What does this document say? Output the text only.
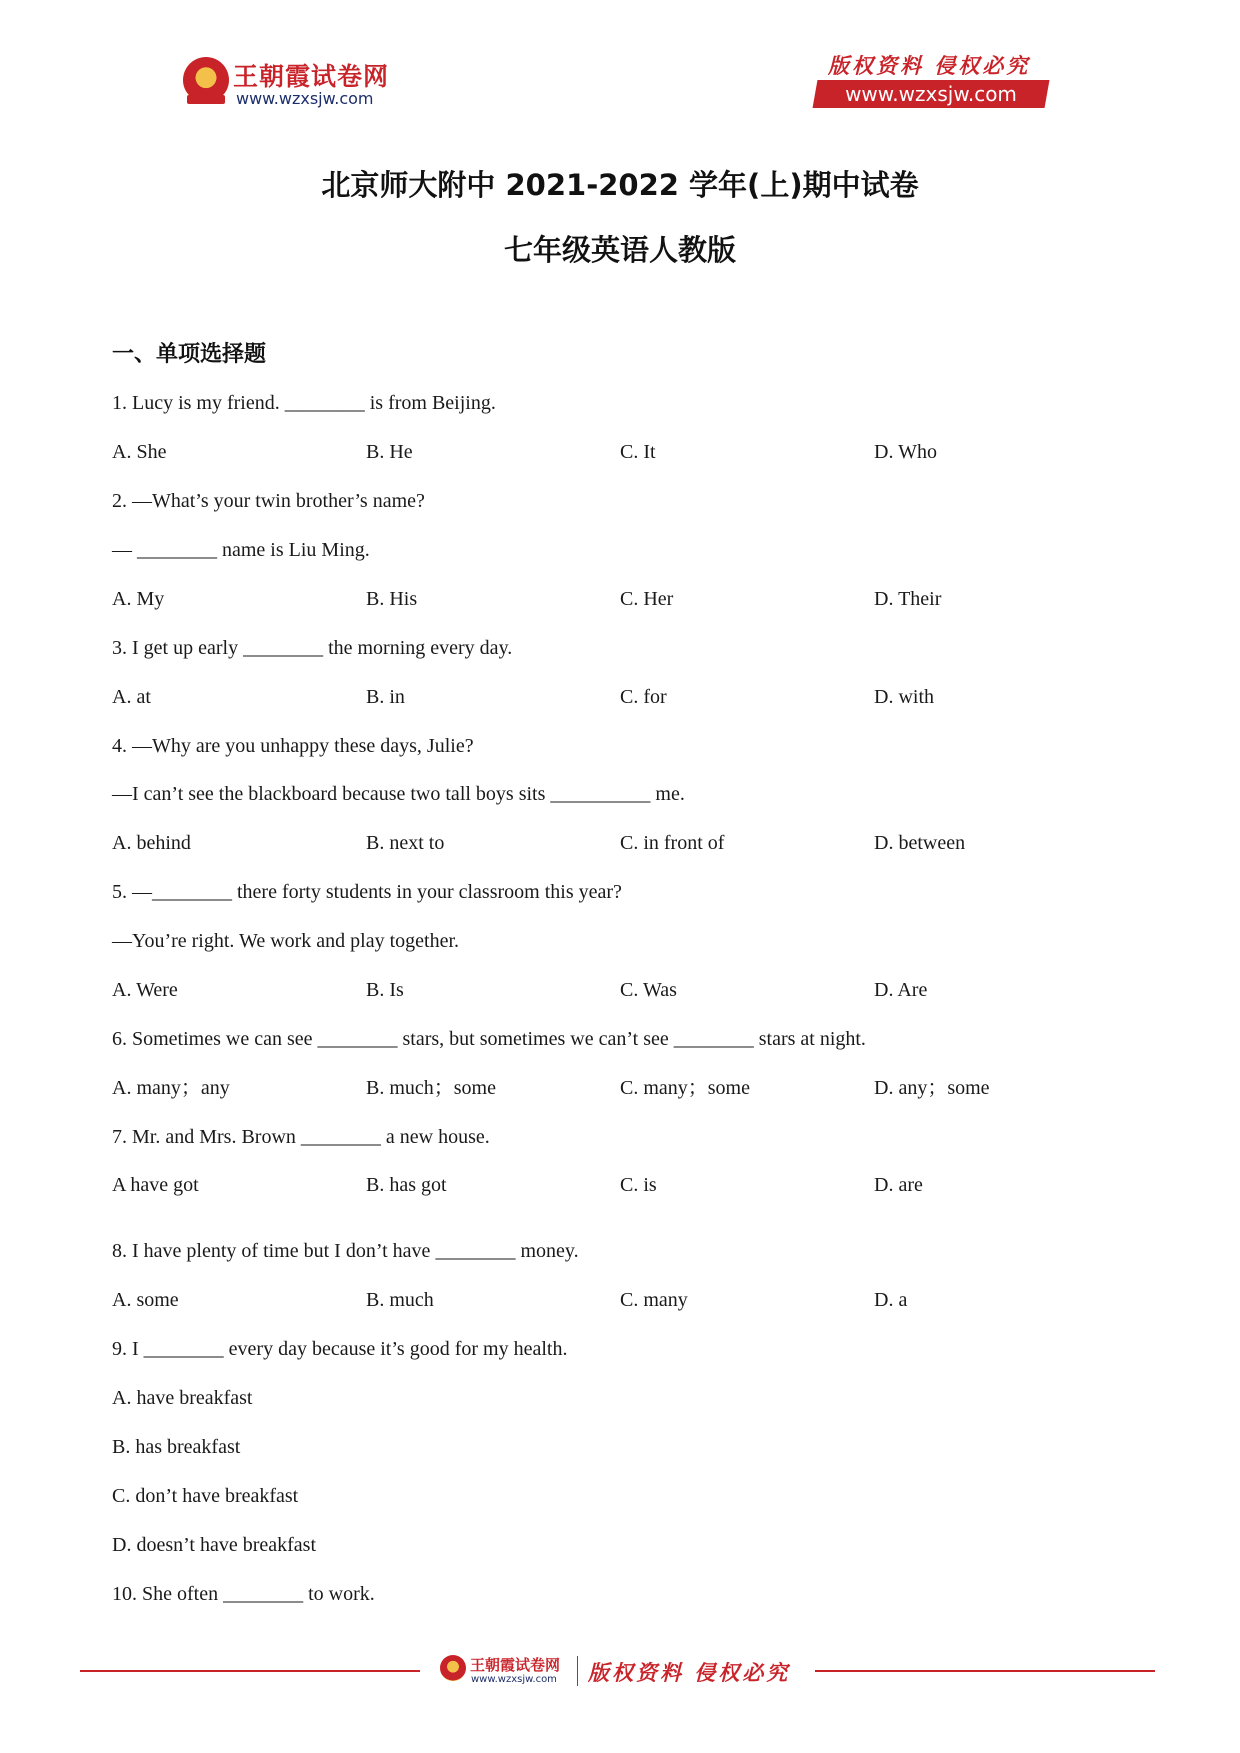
王朝霞试卷网
www.wzxsjw.com
版权资料 侵权必究
www.wzxsjw.com
北京师大附中 2021-2022 学年(上)期中试卷
七年级英语人教版
一、单项选择题
1. Lucy is my friend. ________ is from Beijing.
A. She	B. He	C. It	D. Who
2. —What’s your twin brother’s name?
— ________ name is Liu Ming.
A. My	B. His	C. Her	D. Their
3. I get up early ________ the morning every day.
A. at	B. in	C. for	D. with
4. —Why are you unhappy these days, Julie?
—I can’t see the blackboard because two tall boys sits __________ me.
A. behind	B. next to	C. in front of	D. between
5. —________ there forty students in your classroom this year?
—You’re right. We work and play together.
A. Were	B. Is	C. Was	D. Are
6. Sometimes we can see ________ stars, but sometimes we can’t see ________ stars at night.
A. many；any	B. much；some	C. many；some	D. any；some
7. Mr. and Mrs. Brown ________ a new house.
A have got	B. has got	C. is	D. are
8. I have plenty of time but I don’t have ________ money.
A. some	B. much	C. many	D. a
9. I ________ every day because it’s good for my health.
A. have breakfast
B. has breakfast
C. don’t have breakfast
D. doesn’t have breakfast
10. She often ________ to work.
王朝霞试卷网
www.wzxsjw.com 版权资料 侵权必究
